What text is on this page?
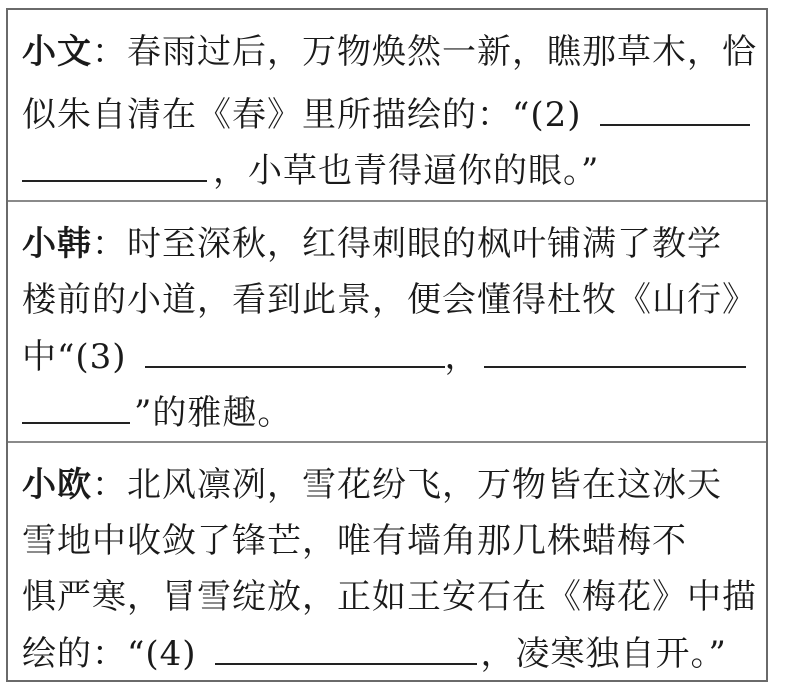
小文：春雨过后，万物焕然一新，瞧那草木，恰
似朱自清在《春》里所描绘的：“(2)
，小草也青得逼你的眼。”
小韩：时至深秋，红得刺眼的枫叶铺满了教学
楼前的小道，看到此景，便会懂得杜牧《山行》
中“(3)	，
”的雅趣。
小欧：北风凛冽，雪花纷飞，万物皆在这冰天
雪地中收敛了锋芒，唯有墙角那几株蜡梅不
惧严寒，冒雪绽放，正如王安石在《梅花》中描
绘的：“(4)	，凌寒独自开。”
